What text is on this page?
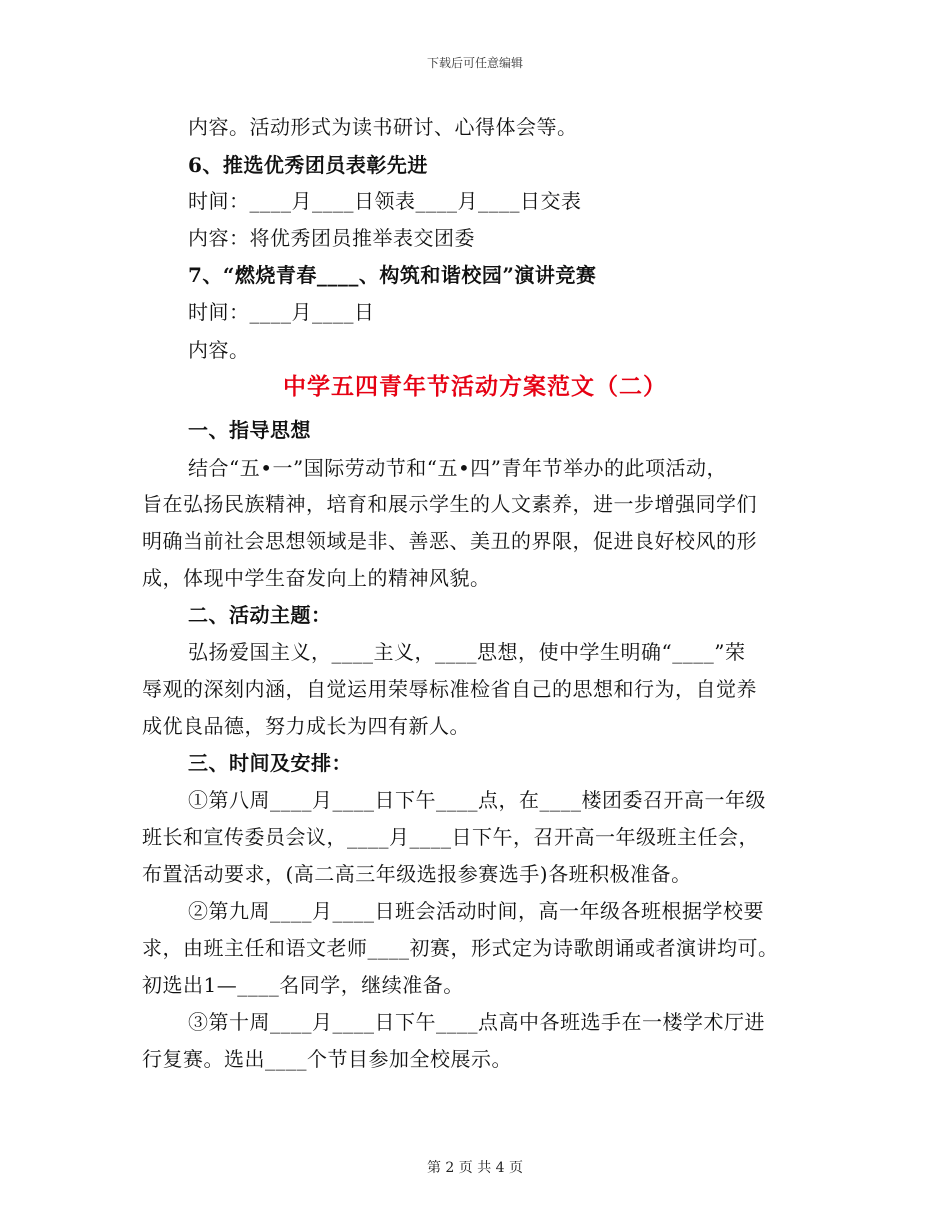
下载后可任意编辑
内容。活动形式为读书研讨、心得体会等。
6、推选优秀团员表彰先进
时间：____月____日领表____月____日交表
内容：将优秀团员推举表交团委
7、“燃烧青春____、构筑和谐校园”演讲竞赛
时间：____月____日
内容。
中学五四青年节活动方案范文（二）
一、指导思想
结合“五•一”国际劳动节和“五•四”青年节举办的此项活动，
旨在弘扬民族精神，培育和展示学生的人文素养，进一步增强同学们
明确当前社会思想领域是非、善恶、美丑的界限，促进良好校风的形
成，体现中学生奋发向上的精神风貌。
二、活动主题：
弘扬爱国主义，____主义，____思想，使中学生明确“____”荣
辱观的深刻内涵，自觉运用荣辱标准检省自己的思想和行为，自觉养
成优良品德，努力成长为四有新人。
三、时间及安排：
①第八周____月____日下午____点，在____楼团委召开高一年级
班长和宣传委员会议，____月____日下午，召开高一年级班主任会，
布置活动要求，(高二高三年级选报参赛选手)各班积极准备。
②第九周____月____日班会活动时间，高一年级各班根据学校要
求，由班主任和语文老师____初赛，形式定为诗歌朗诵或者演讲均可。
初选出1—____名同学，继续准备。
③第十周____月____日下午____点高中各班选手在一楼学术厅进
行复赛。选出____个节目参加全校展示。
第 2 页 共 4 页
